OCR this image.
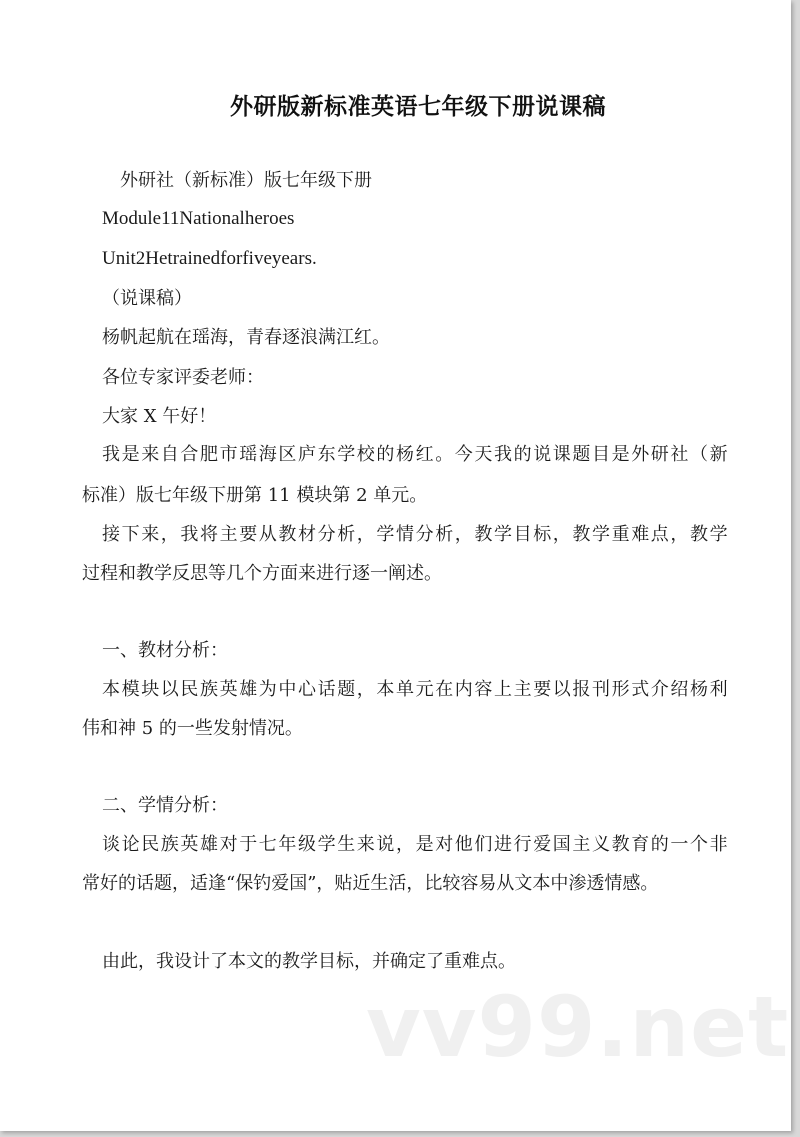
外研版新标准英语七年级下册说课稿
外研社（新标准）版七年级下册
Module11Nationalheroes
Unit2Hetrainedforfiveyears.
（说课稿）
杨帆起航在瑶海，青春逐浪满江红。
各位专家评委老师：
大家 X 午好！
我是来自合肥市瑶海区庐东学校的杨红。今天我的说课题目是外研社（新
标准）版七年级下册第 11 模块第 2 单元。
接下来，我将主要从教材分析，学情分析，教学目标，教学重难点，教学
过程和教学反思等几个方面来进行逐一阐述。
一、教材分析：
本模块以民族英雄为中心话题，本单元在内容上主要以报刊形式介绍杨利
伟和神 5 的一些发射情况。
二、学情分析：
谈论民族英雄对于七年级学生来说，是对他们进行爱国主义教育的一个非
常好的话题，适逢“保钓爱国”，贴近生活，比较容易从文本中渗透情感。
由此，我设计了本文的教学目标，并确定了重难点。
vv99.net
